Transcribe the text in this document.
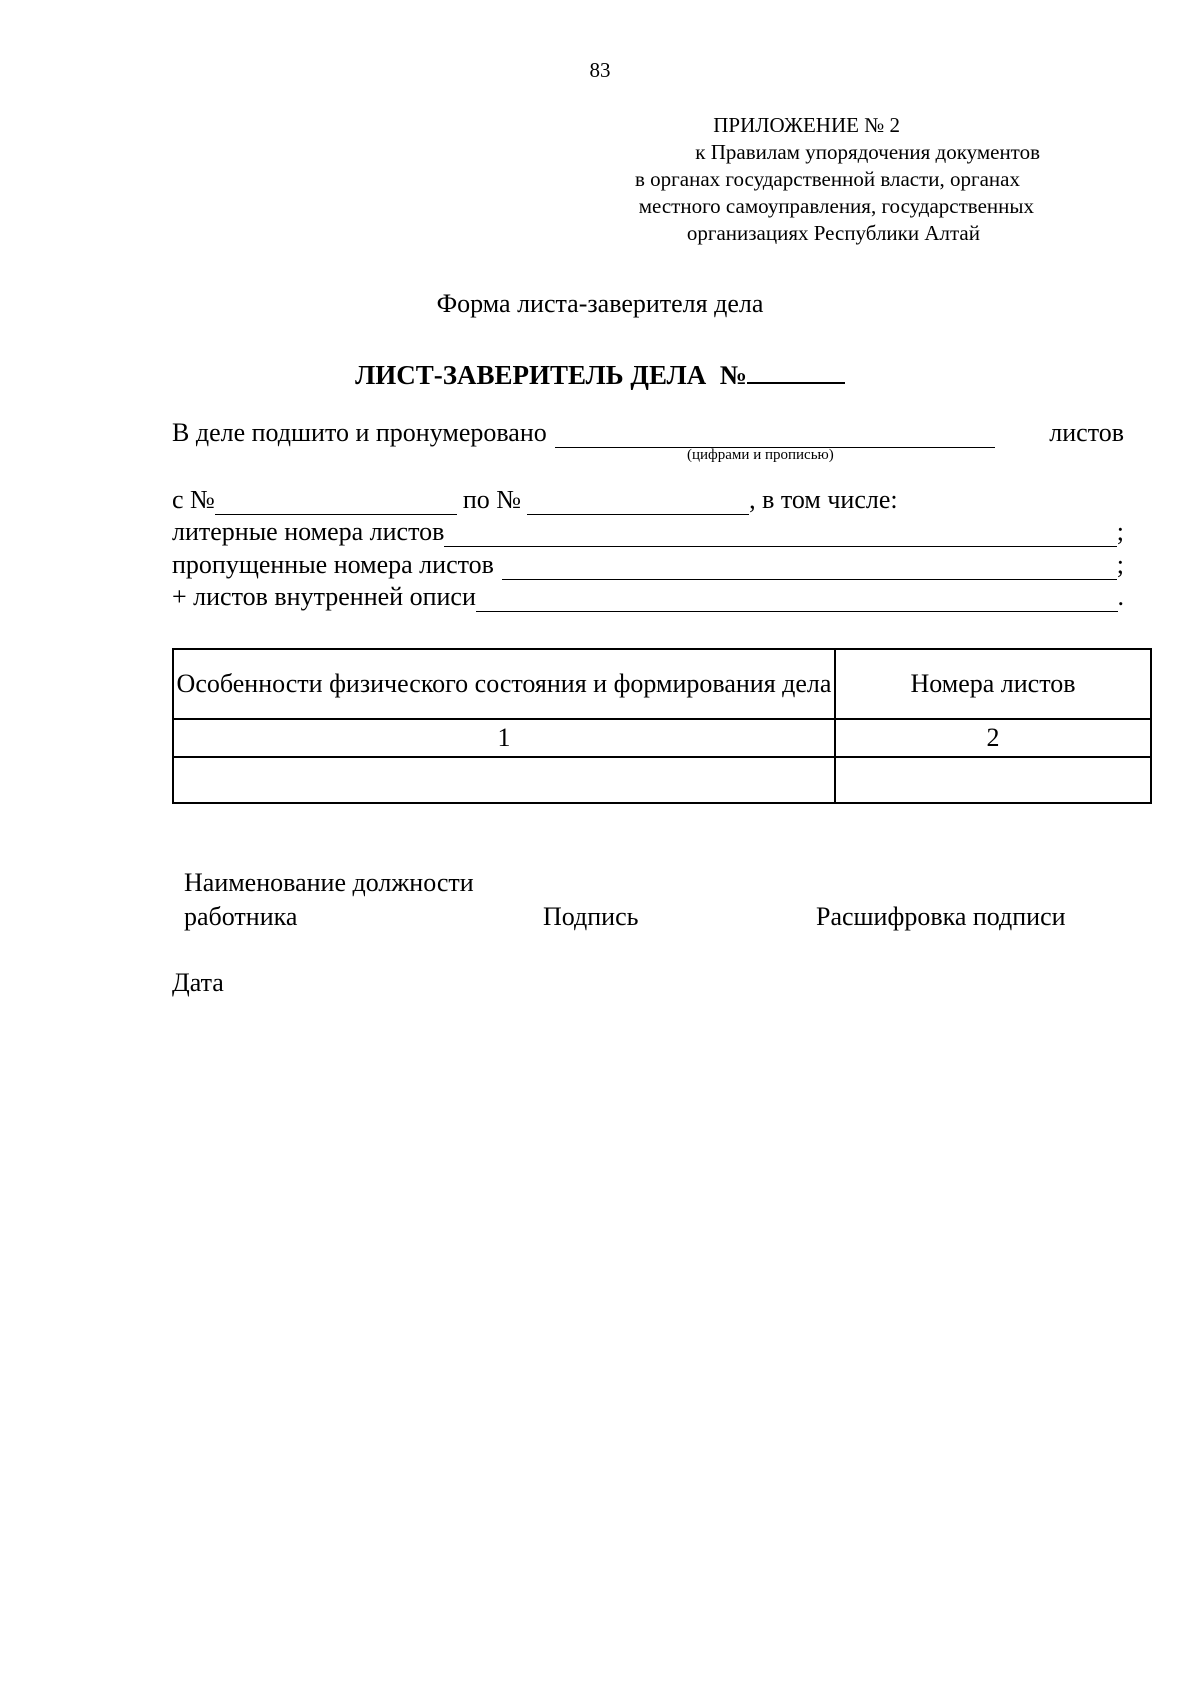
83
ПРИЛОЖЕНИЕ № 2
к Правилам упорядочения документов
в органах государственной власти, органах
местного самоуправления, государственных
организациях Республики Алтай
Форма листа-заверителя дела
ЛИСТ-ЗАВЕРИТЕЛЬ ДЕЛА  №
В деле подшито и пронумеровано	листов
(цифрами и прописью)
с №	по №	, в том числе:
литерные номера листов	;
пропущенные номера листов	;
+ листов внутренней описи	.
Особенности физического состояния и формирования дела	Номера листов
1	2

Наименование должности
работника	Подпись	Расшифровка подписи
Дата
